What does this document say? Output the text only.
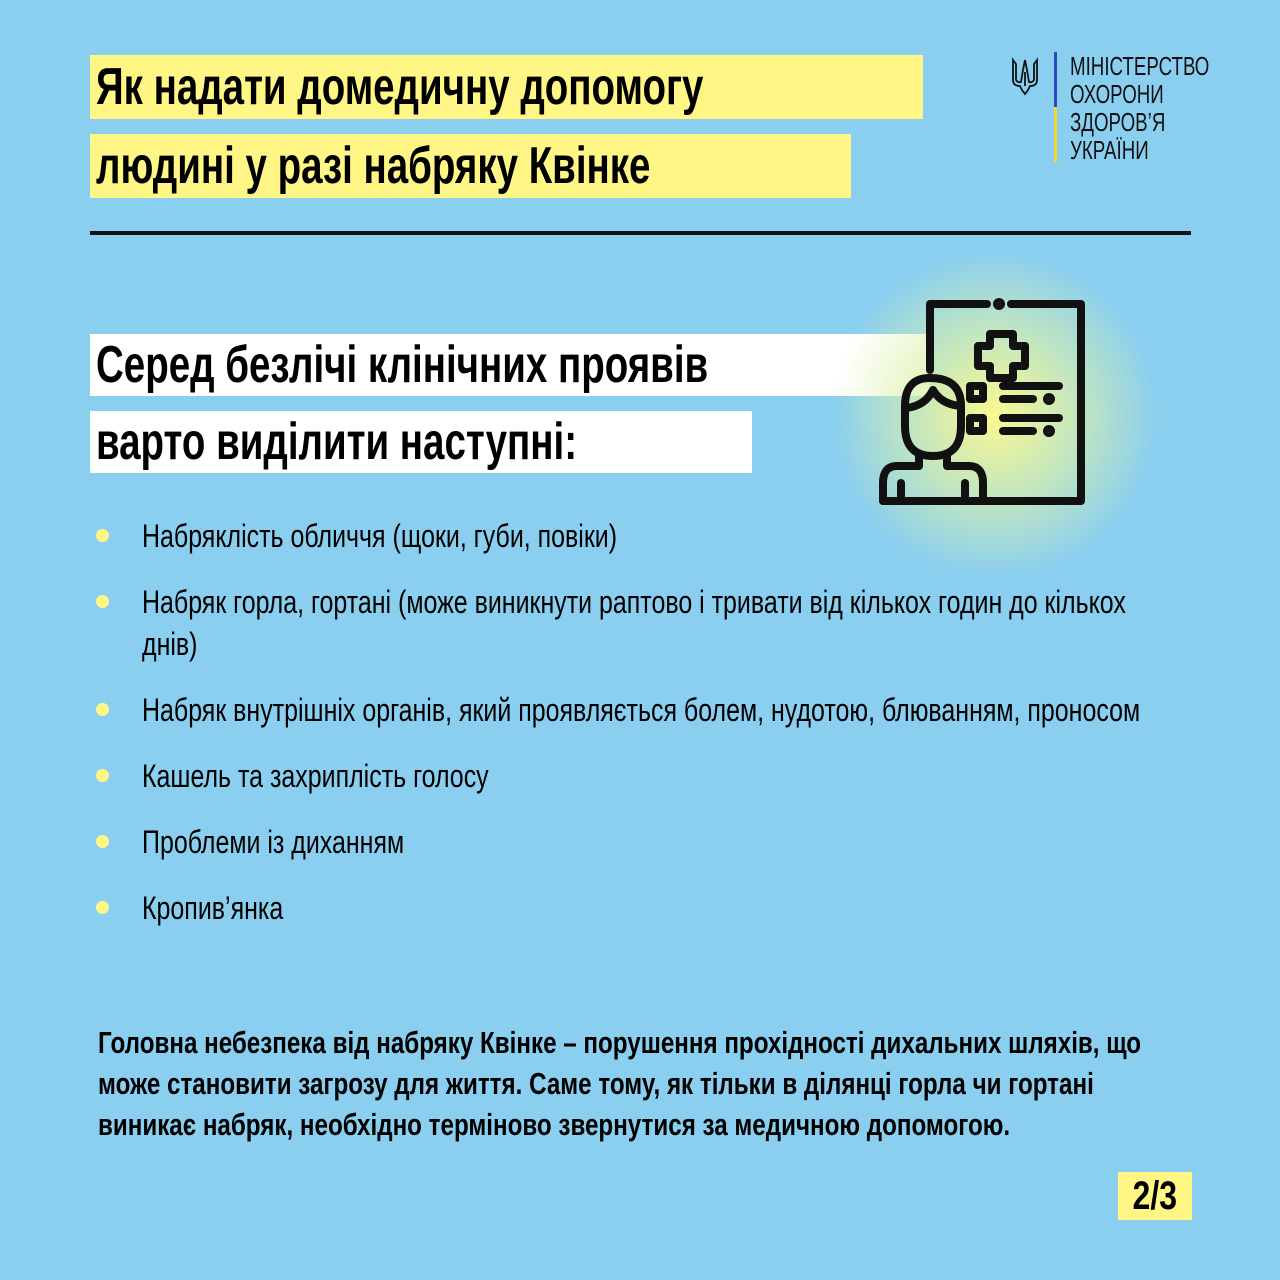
Як надати домедичну допомогу
людині у разі набряку Квінке
МІНІСТЕРСТВО
ОХОРОНИ
ЗДОРОВ’Я
УКРАЇНИ
Серед безлічі клінічних проявів
варто виділити наступні:
Набряклість обличчя (щоки, губи, повіки)
Набряк горла, гортані (може виникнути раптово і тривати від кількох годин до кількох днів)
Набряк внутрішніх органів, який проявляється болем, нудотою, блюванням, проносом
Кашель та захриплість голосу
Проблеми із диханням
Кропив’янка
Головна небезпека від набряку Квінке – порушення прохідності дихальних шляхів, що може становити загрозу для життя. Саме тому, як тільки в ділянці горла чи гортані виникає набряк, необхідно терміново звернутися за медичною допомогою.
2/3
